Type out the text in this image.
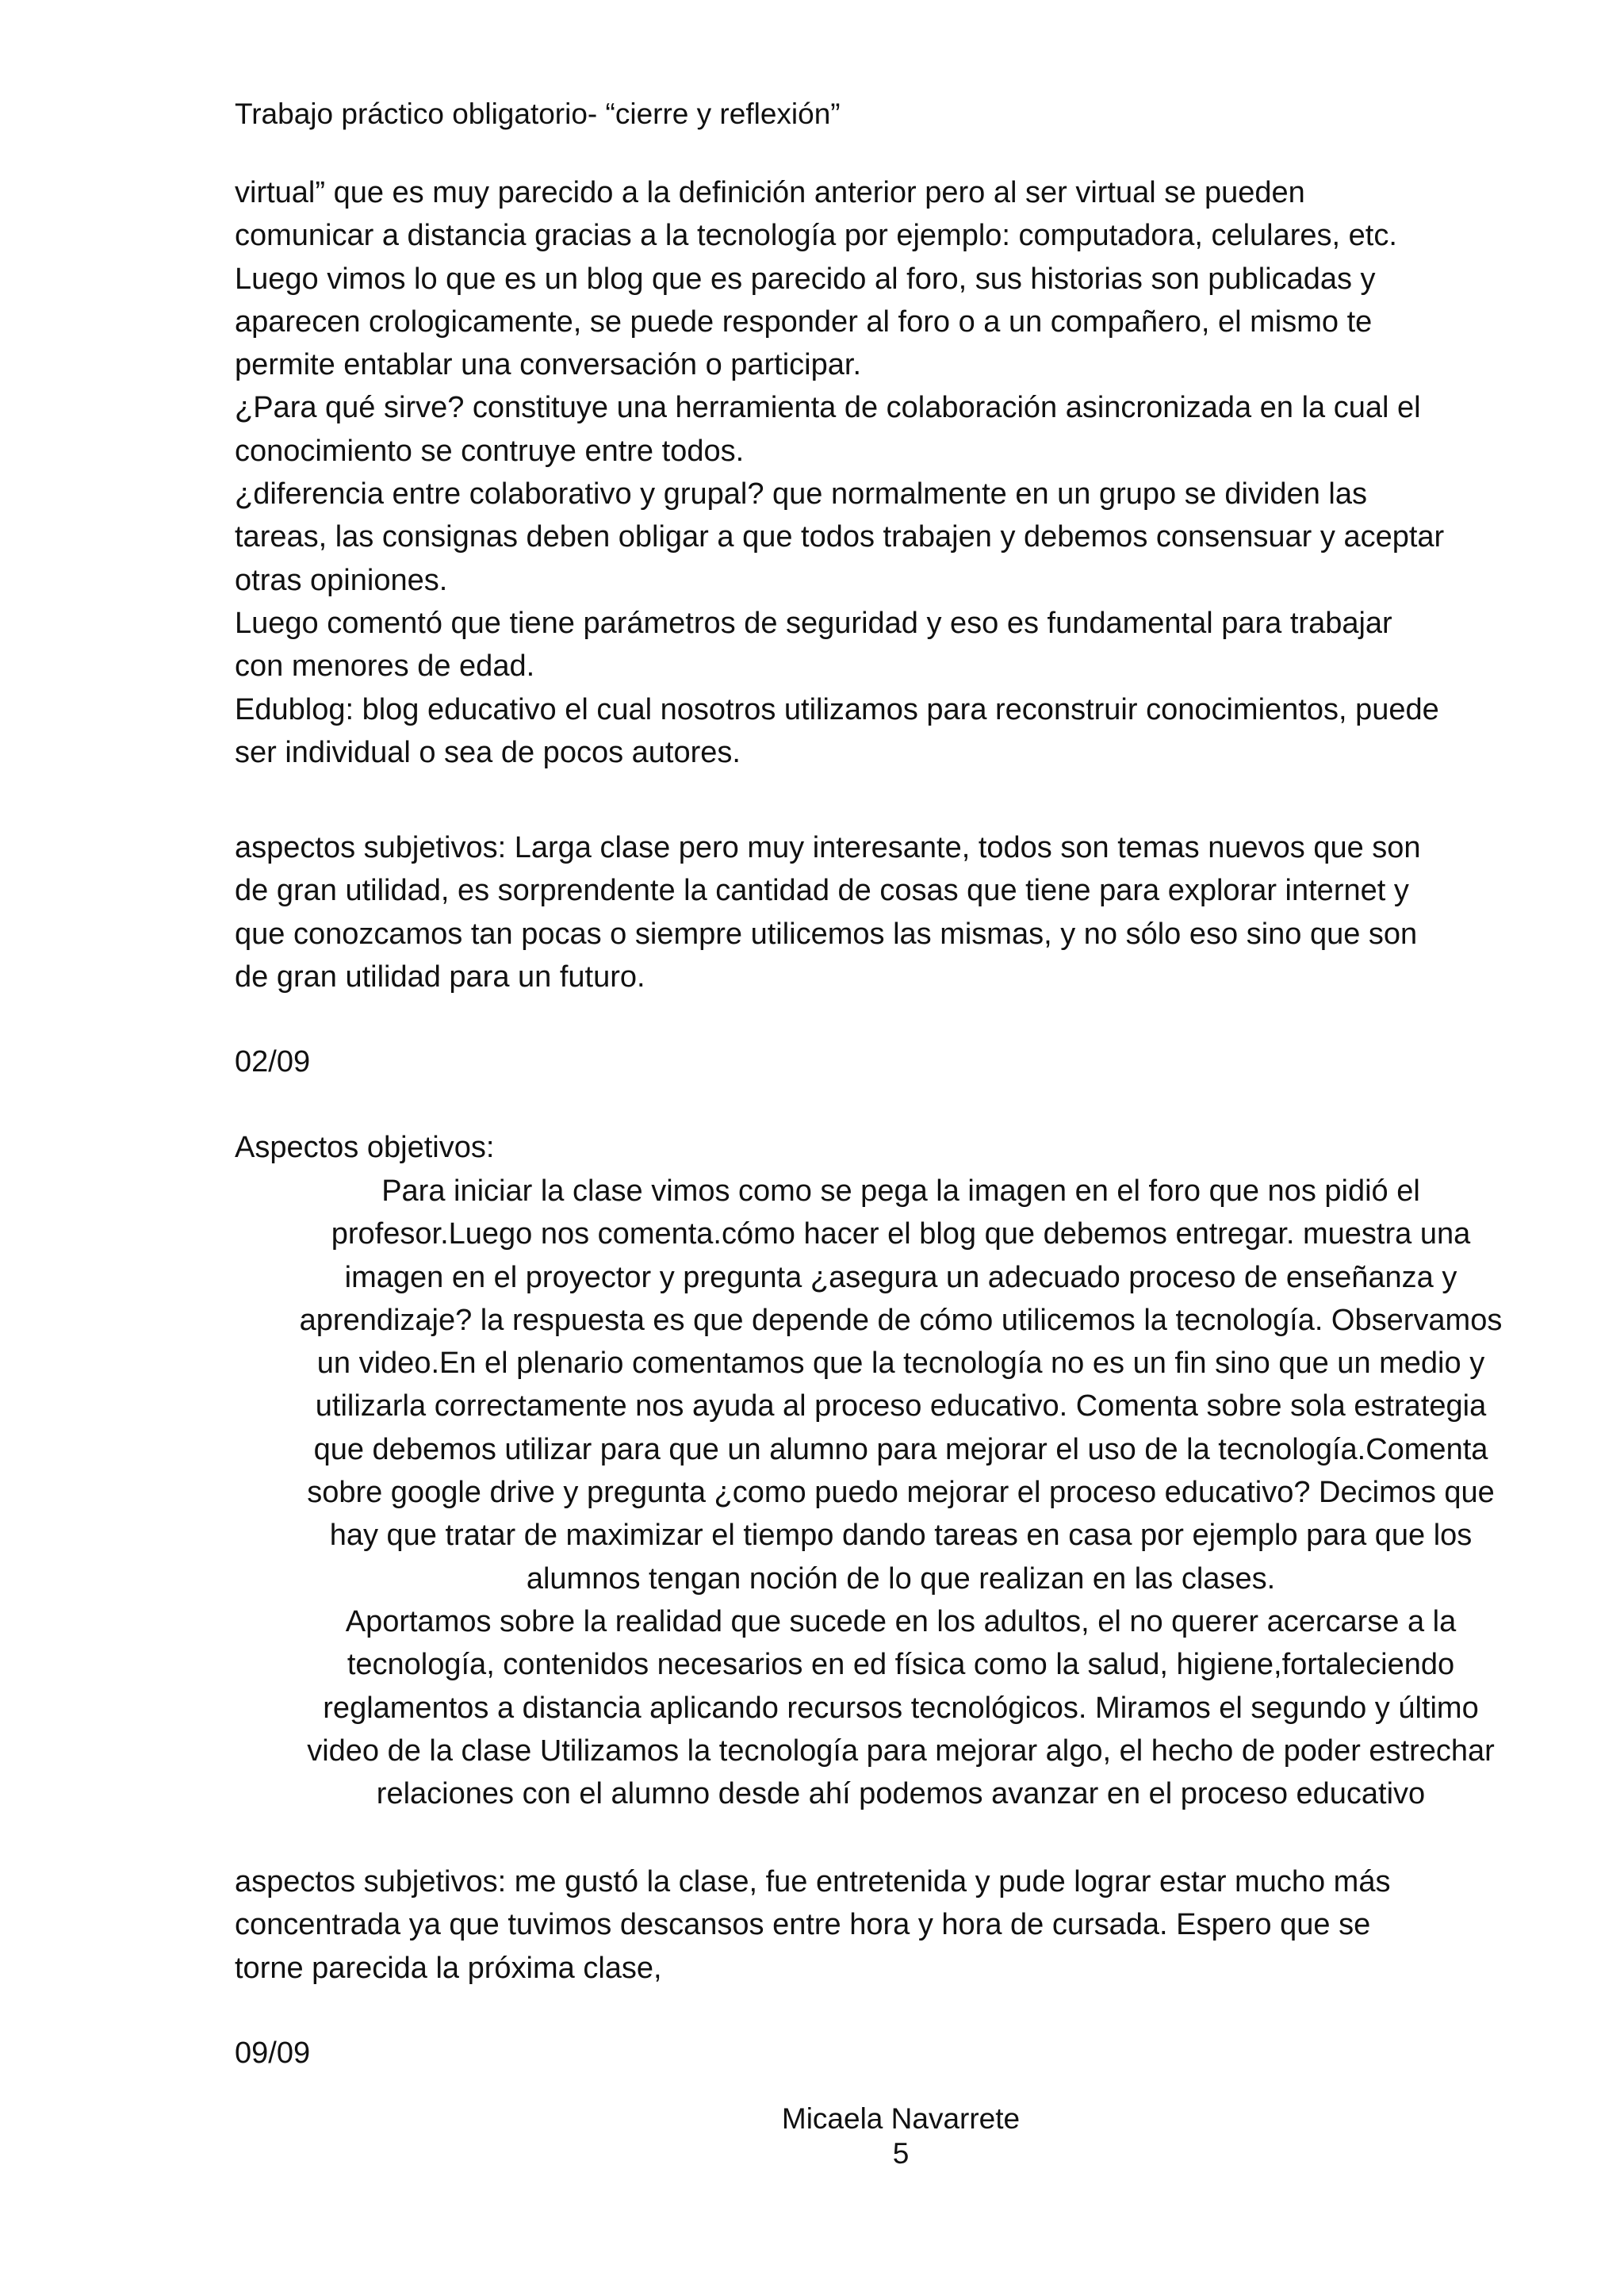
Trabajo práctico obligatorio- “cierre y reflexión”

virtual” que es muy parecido a la definición anterior pero al ser virtual se pueden

comunicar a distancia gracias a la tecnología por ejemplo: computadora, celulares, etc.

Luego vimos lo que es un blog que es parecido al foro, sus historias son publicadas y

aparecen crologicamente, se puede responder al foro o a un compañero, el mismo te

permite entablar una conversación o participar.

¿Para qué sirve? constituye una herramienta de colaboración asincronizada en la cual el

conocimiento se contruye entre todos.

¿diferencia entre colaborativo y grupal? que normalmente en un grupo se dividen las

tareas, las consignas deben obligar a que todos trabajen y debemos consensuar y aceptar

otras opiniones.

Luego comentó que tiene parámetros de seguridad y eso es fundamental para trabajar

con menores de edad.

Edublog: blog educativo el cual nosotros utilizamos para reconstruir conocimientos, puede

ser individual o sea de pocos autores.

aspectos subjetivos: Larga clase pero muy interesante, todos son temas nuevos que son

de gran utilidad, es sorprendente la cantidad de cosas que tiene para explorar internet y

que conozcamos tan pocas o siempre utilicemos las mismas, y no sólo eso sino que son

de gran utilidad para un futuro.

02/09
Aspectos objetivos:

Para iniciar la clase vimos como se pega la imagen en el foro que nos pidió el

profesor.Luego nos comenta.cómo hacer el blog que debemos entregar. muestra una

imagen en el proyector y pregunta ¿asegura un adecuado proceso de enseñanza y

aprendizaje? la respuesta es que depende de cómo utilicemos la tecnología. Observamos

un video.En el plenario comentamos que la tecnología no es un fin sino que un medio y

utilizarla correctamente nos ayuda al proceso educativo. Comenta sobre sola estrategia

que debemos utilizar para que un alumno para mejorar el uso de la tecnología.Comenta

sobre google drive y pregunta ¿como puedo mejorar el proceso educativo? Decimos que

hay que tratar de maximizar el tiempo dando tareas en casa por ejemplo para que los

alumnos tengan noción de lo que realizan en las clases.

Aportamos sobre la realidad que sucede en los adultos, el no querer acercarse a la

tecnología, contenidos necesarios en ed física como la salud, higiene,fortaleciendo

reglamentos a distancia aplicando recursos tecnológicos. Miramos el segundo y último

video de la clase Utilizamos la tecnología para mejorar algo, el hecho de poder estrechar

relaciones con el alumno desde ahí podemos avanzar en el proceso educativo

aspectos subjetivos: me gustó la clase, fue entretenida y pude lograr estar mucho más

concentrada ya que tuvimos descansos entre hora y hora de cursada. Espero que se

torne parecida la próxima clase,

09/09
Micaela Navarrete
5
